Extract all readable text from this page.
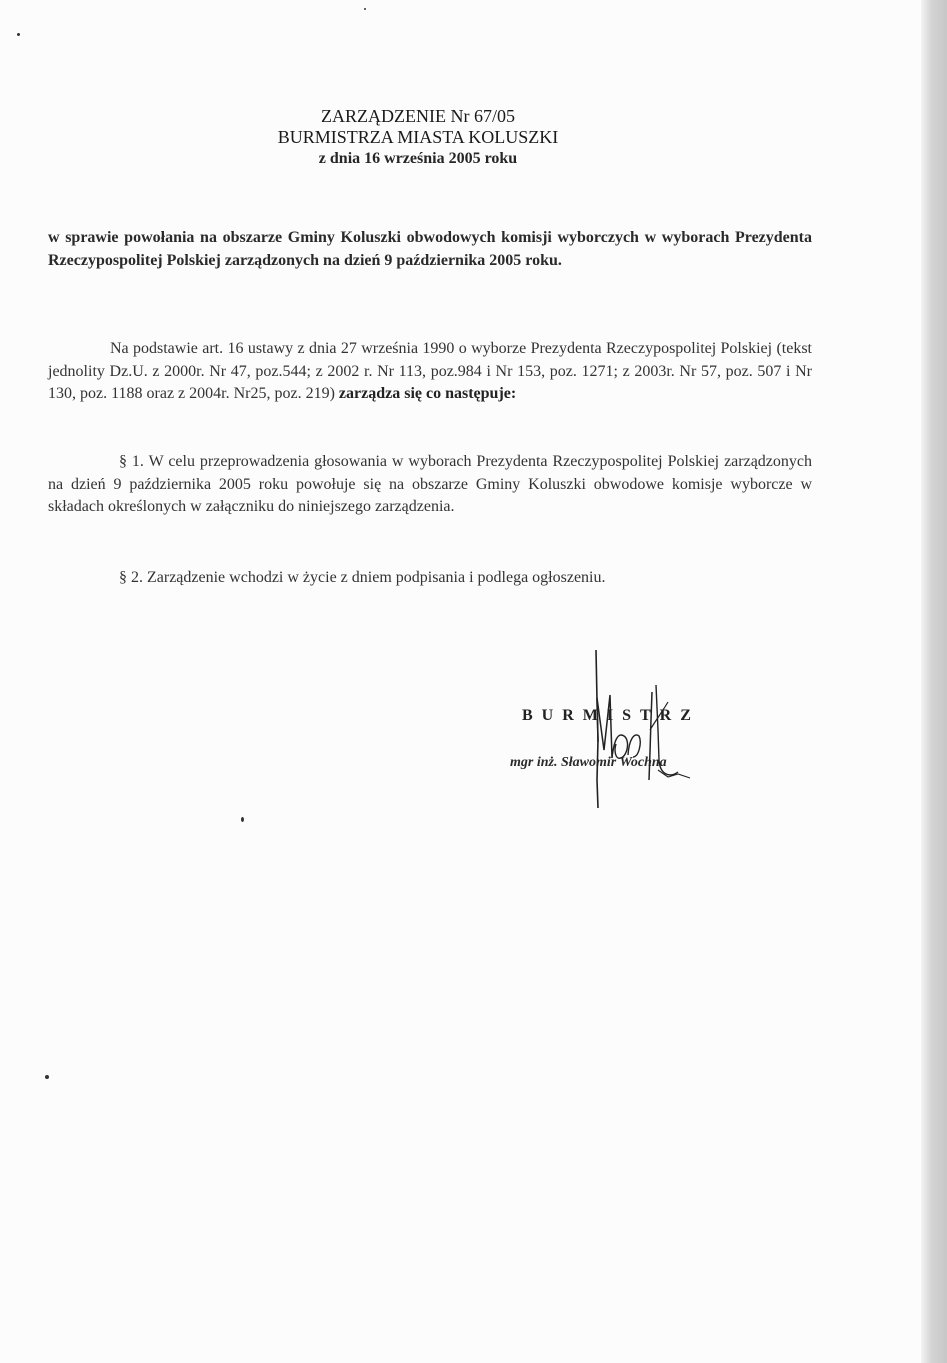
ZARZĄDZENIE Nr 67/05
BURMISTRZA MIASTA KOLUSZKI
z dnia 16 września 2005 roku
w sprawie powołania na obszarze Gminy Koluszki obwodowych komisji wyborczych w wyborach Prezydenta Rzeczypospolitej Polskiej zarządzonych na dzień 9 października 2005 roku.
Na podstawie art. 16 ustawy z dnia 27 września 1990 o wyborze Prezydenta Rzeczypospolitej Polskiej (tekst jednolity Dz.U. z 2000r. Nr 47, poz.544; z 2002 r. Nr 113, poz.984 i Nr 153, poz. 1271; z 2003r. Nr 57, poz. 507 i Nr 130, poz. 1188 oraz z 2004r. Nr25, poz. 219) zarządza się co następuje:
§ 1. W celu przeprowadzenia głosowania w wyborach Prezydenta Rzeczypospolitej Polskiej zarządzonych na dzień 9 października 2005 roku powołuje się na obszarze Gminy Koluszki obwodowe komisje wyborcze w składach określonych w załączniku do niniejszego zarządzenia.
§ 2. Zarządzenie wchodzi w życie z dniem podpisania i podlega ogłoszeniu.
BURMISTRZ
mgr inż. Sławomir Wochna
